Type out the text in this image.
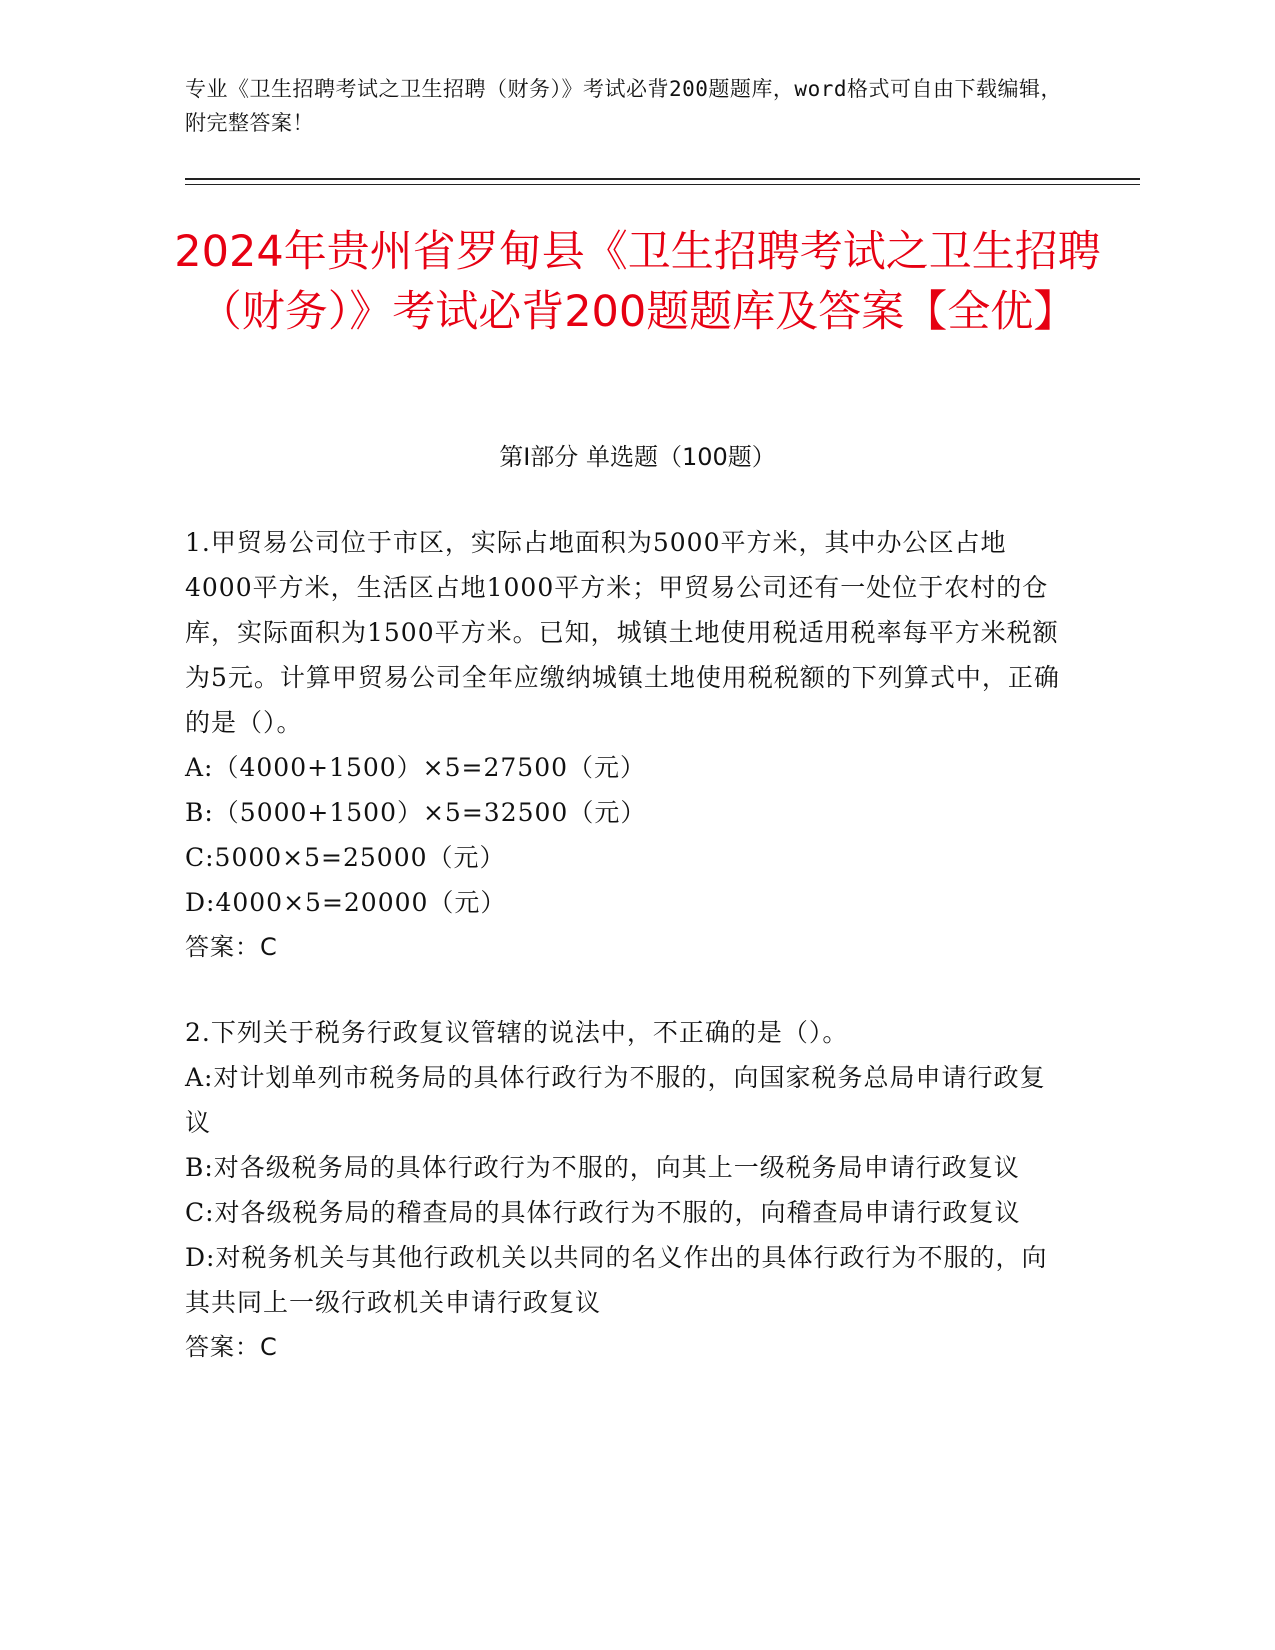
专业《卫生招聘考试之卫生招聘（财务）》考试必背200题题库，word格式可自由下载编辑，附完整答案！
2024年贵州省罗甸县《卫生招聘考试之卫生招聘（财务）》考试必背200题题库及答案【全优】
第Ⅰ部分 单选题（100题）

1.甲贸易公司位于市区，实际占地面积为5000平方米，其中办公区占地4000平方米，生活区占地1000平方米；甲贸易公司还有一处位于农村的仓库，实际面积为1500平方米。已知，城镇土地使用税适用税率每平方米税额为5元。计算甲贸易公司全年应缴纳城镇土地使用税税额的下列算式中，正确的是（）。

A:（4000+1500）×5=27500（元）

B:（5000+1500）×5=32500（元）

C:5000×5=25000（元）

D:4000×5=20000（元）

答案：C

2.下列关于税务行政复议管辖的说法中，不正确的是（）。

A:对计划单列市税务局的具体行政行为不服的，向国家税务总局申请行政复议

B:对各级税务局的具体行政行为不服的，向其上一级税务局申请行政复议

C:对各级税务局的稽查局的具体行政行为不服的，向稽查局申请行政复议

D:对税务机关与其他行政机关以共同的名义作出的具体行政行为不服的，向其共同上一级行政机关申请行政复议

答案：C
